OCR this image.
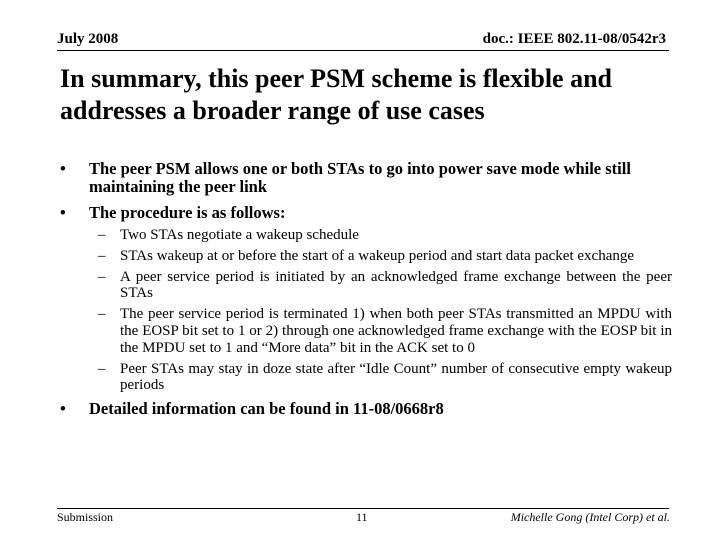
July 2008	doc.: IEEE 802.11-08/0542r3
In summary, this peer PSM scheme is flexible and
addresses a broader range of use cases
• The peer PSM allows one or both STAs to go into power save mode while still maintaining the peer link
• The procedure is as follows:
– Two STAs negotiate a wakeup schedule
– STAs wakeup at or before the start of a wakeup period and start data packet exchange
– A peer service period is initiated by an acknowledged frame exchange between the peer STAs
– The peer service period is terminated 1) when both peer STAs transmitted an MPDU with the EOSP bit set to 1 or 2) through one acknowledged frame exchange with the EOSP bit in the MPDU set to 1 and “More data” bit in the ACK set to 0
– Peer STAs may stay in doze state after “Idle Count” number of consecutive empty wakeup periods
• Detailed information can be found in 11-08/0668r8
Submission	11	Michelle Gong (Intel Corp) et al.
